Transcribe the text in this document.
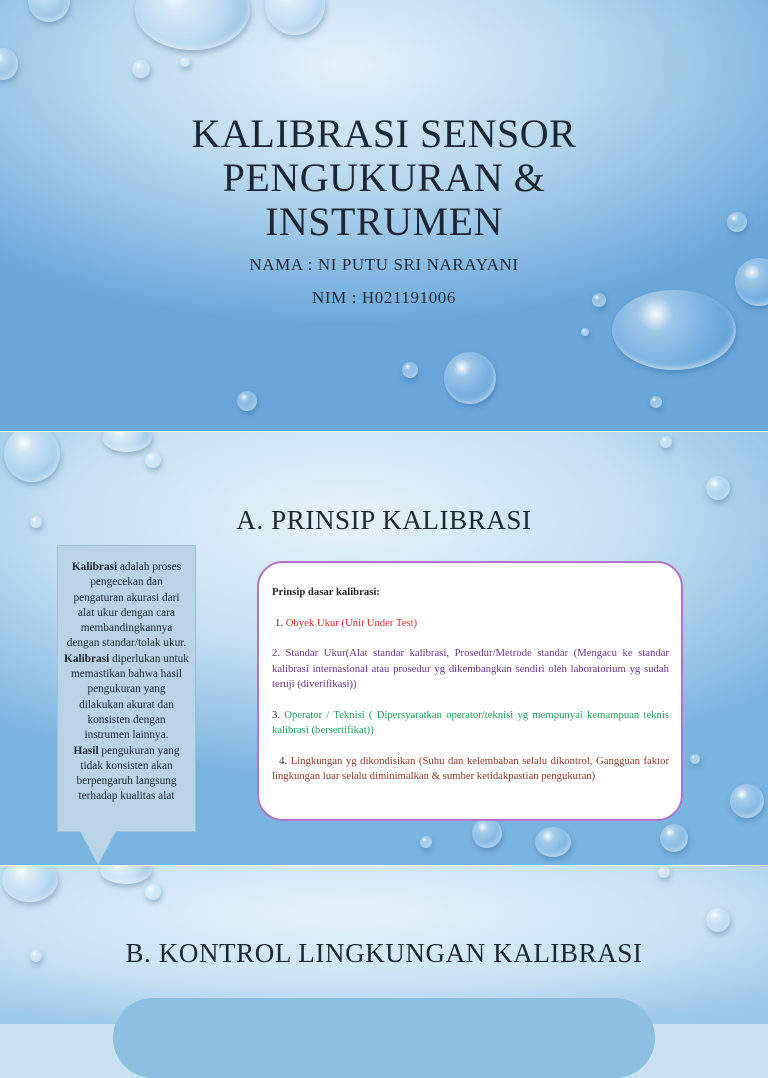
KALIBRASI SENSOR
PENGUKURAN &
INSTRUMEN
NAMA : NI PUTU SRI NARAYANI
NIM : H021191006
A. PRINSIP KALIBRASI
Kalibrasi adalah proses pengecekan dan pengaturan akurasi dari alat ukur dengan cara membandingkannya dengan standar/tolak ukur.
Kalibrasi diperlukan untuk memastikan bahwa hasil pengukuran yang dilakukan akurat dan konsisten dengan instrumen lainnya.
Hasil pengukuran yang tidak konsisten akan berpengaruh langsung terhadap kualitas alat

Prinsip dasar kalibrasi:

1. Obyek Ukur (Unit Under Test)

2. Standar Ukur(Alat standar kalibrasi, Prosedur/Metrode standar (Mengacu ke standar kalibrasi internasional atau prosedur yg dikembangkan sendiri oleh laboratorium yg sudah teruji (diverifikasi))

3. Operator / Teknisi ( Dipersyaratkan operator/teknisi yg mempunyai kemampuan teknis kalibrasi (bersertifikat))

4. Lingkungan yg dikondisikan (Suhu dan kelembaban selalu dikontrol, Gangguan faktor lingkungan luar selalu diminimalkan & sumber ketidakpastian pengukuran)

B. KONTROL LINGKUNGAN KALIBRASI
